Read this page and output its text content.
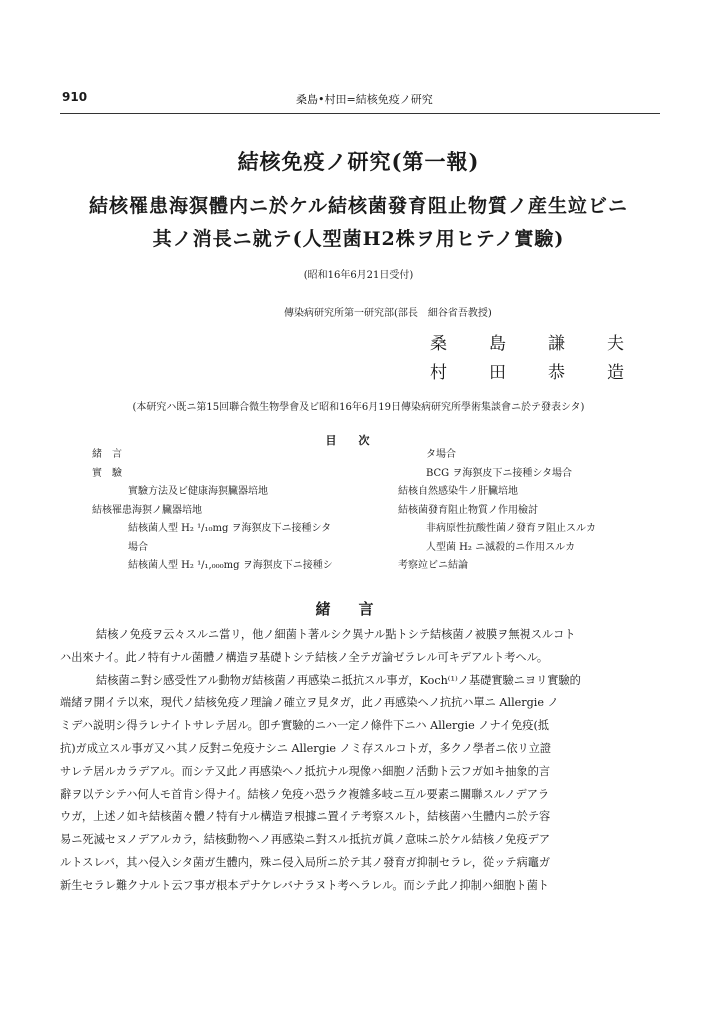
910	桑島•村田=結核免疫ノ研究
結核免疫ノ研究(第一報)
結核罹患海猽體内ニ於ケル結核菌發育阻止物質ノ産生竝ビニ
其ノ消長ニ就テ(人型菌H2株ヲ用ヒテノ實驗)
(昭和16年6月21日受付)
傳染病研究所第一研究部(部長　細谷省吾教授)
桑島謙夫
村田恭造
(本研究ハ既ニ第15回聯合微生物學會及ビ昭和16年6月19日傳染病研究所學術集談會ニ於テ發表シタ)
目次
緒　言
實　驗
實驗方法及ビ健康海猽臟器培地
結核罹患海猽ノ臟器培地
結核菌人型 H₂ ¹/₁₀mg ヲ海猽皮下ニ接種シタ
場合
結核菌人型 H₂ ¹/₁,₀₀₀mg ヲ海猽皮下ニ接種シ
タ場合
BCG ヲ海猽皮下ニ接種シタ場合
結核自然感染牛ノ肝臟培地
結核菌發育阻止物質ノ作用檢討
非病原性抗酸性菌ノ發育ヲ阻止スルカ
人型菌 H₂ ニ滅殺的ニ作用スルカ
考察竝ビニ結論
緒言
結核ノ免疫ヲ云々スルニ當リ，他ノ細菌ト著ルシク異ナル點トシテ結核菌ノ被膜ヲ無視スルコト
ハ出來ナイ。此ノ特有ナル菌體ノ構造ヲ基礎トシテ結核ノ全テガ論ゼラレル可キデアルト考ヘル。
結核菌ニ對シ感受性アル動物ガ結核菌ノ再感染ニ抵抗スル事ガ，Koch⁽¹⁾ノ基礎實驗ニヨリ實驗的
端緒ヲ開イテ以來，現代ノ結核免疫ノ理論ノ確立ヲ見タガ，此ノ再感染ヘノ抗抗ハ單ニ Allergie ノ
ミデハ説明シ得ラレナイトサレテ居ル。卽チ實驗的ニハ一定ノ條件下ニハ Allergie ノナイ免疫(抵
抗)ガ成立スル事ガ又ハ其ノ反對ニ免疫ナシニ Allergie ノミ存スルコトガ，多クノ學者ニ依リ立證
サレテ居ルカラデアル。而シテ又此ノ再感染ヘノ抵抗ナル現像ハ細胞ノ活動ト云フガ如キ抽象的言
辭ヲ以テシテハ何人モ首肯シ得ナイ。結核ノ免疫ハ恐ラク複雜多岐ニ互ル要素ニ關聯スルノデアラ
ウガ，上述ノ如キ結核菌々體ノ特有ナル構造ヲ根據ニ置イテ考察スルト，結核菌ハ生體内ニ於テ容
易ニ死滅セヌノデアルカラ，結核動物ヘノ再感染ニ對スル抵抗ガ眞ノ意味ニ於ケル結核ノ免疫デア
ルトスレバ，其ハ侵入シタ菌ガ生體内，殊ニ侵入局所ニ於テ其ノ發育ガ抑制セラレ，從ッテ病竈ガ
新生セラレ難クナルト云フ事ガ根本デナケレバナラヌト考ヘラレル。而シテ此ノ抑制ハ細胞ト菌ト
